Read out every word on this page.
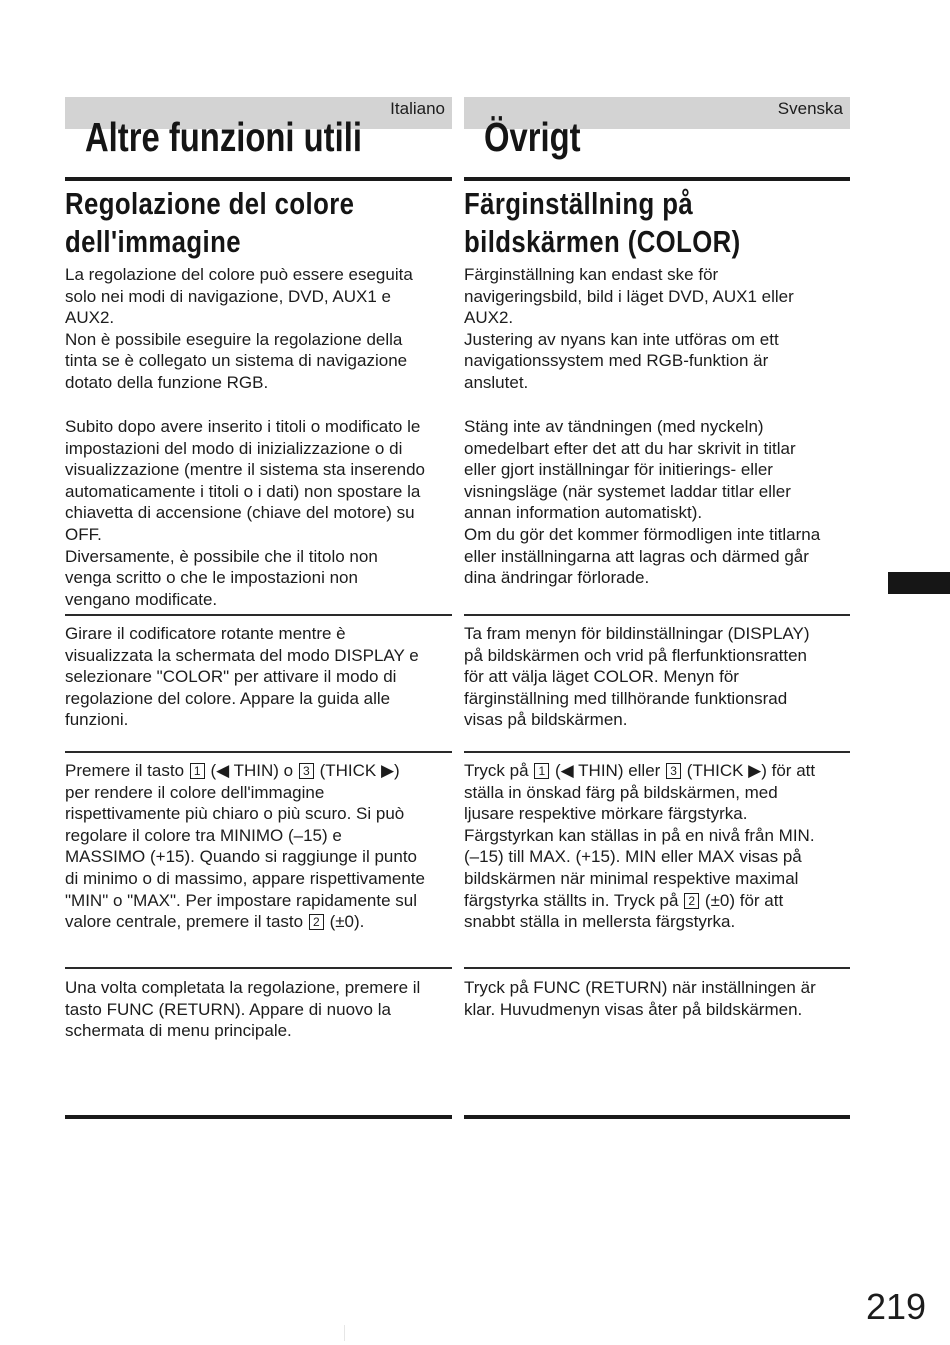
Italiano
Altre funzioni utili
Regolazione del colore
dell'immagine
La regolazione del colore può essere eseguita
solo nei modi di navigazione, DVD, AUX1 e
AUX2.
Non è possibile eseguire la regolazione della
tinta se è collegato un sistema di navigazione
dotato della funzione RGB.
Subito dopo avere inserito i titoli o modificato le
impostazioni del modo di inizializzazione o di
visualizzazione (mentre il sistema sta inserendo
automaticamente i titoli o i dati) non spostare la
chiavetta di accensione (chiave del motore) su
OFF.
Diversamente, è possibile che il titolo non
venga scritto o che le impostazioni non
vengano modificate.
Girare il codificatore rotante mentre è
visualizzata la schermata del modo DISPLAY e
selezionare "COLOR" per attivare il modo di
regolazione del colore. Appare la guida alle
funzioni.
Premere il tasto 1 (◀ THIN) o 3 (THICK ▶)
per rendere il colore dell'immagine
rispettivamente più chiaro o più scuro. Si può
regolare il colore tra MINIMO (–15) e
MASSIMO (+15). Quando si raggiunge il punto
di minimo o di massimo, appare rispettivamente
"MIN" o "MAX". Per impostare rapidamente sul
valore centrale, premere il tasto 2 (±0).
Una volta completata la regolazione, premere il
tasto FUNC (RETURN). Appare di nuovo la
schermata di menu principale.
Svenska
Övrigt
Färginställning på
bildskärmen (COLOR)
Färginställning kan endast ske för
navigeringsbild, bild i läget DVD, AUX1 eller
AUX2.
Justering av nyans kan inte utföras om ett
navigationssystem med RGB-funktion är
anslutet.
Stäng inte av tändningen (med nyckeln)
omedelbart efter det att du har skrivit in titlar
eller gjort inställningar för initierings- eller
visningsläge (när systemet laddar titlar eller
annan information automatiskt).
Om du gör det kommer förmodligen inte titlarna
eller inställningarna att lagras och därmed går
dina ändringar förlorade.
Ta fram menyn för bildinställningar (DISPLAY)
på bildskärmen och vrid på flerfunktionsratten
för att välja läget COLOR. Menyn för
färginställning med tillhörande funktionsrad
visas på bildskärmen.
Tryck på 1 (◀ THIN) eller 3 (THICK ▶) för att
ställa in önskad färg på bildskärmen, med
ljusare respektive mörkare färgstyrka.
Färgstyrkan kan ställas in på en nivå från MIN.
(–15) till MAX. (+15). MIN eller MAX visas på
bildskärmen när minimal respektive maximal
färgstyrka ställts in. Tryck på 2 (±0) för att
snabbt ställa in mellersta färgstyrka.
Tryck på FUNC (RETURN) när inställningen är
klar. Huvudmenyn visas åter på bildskärmen.
219
